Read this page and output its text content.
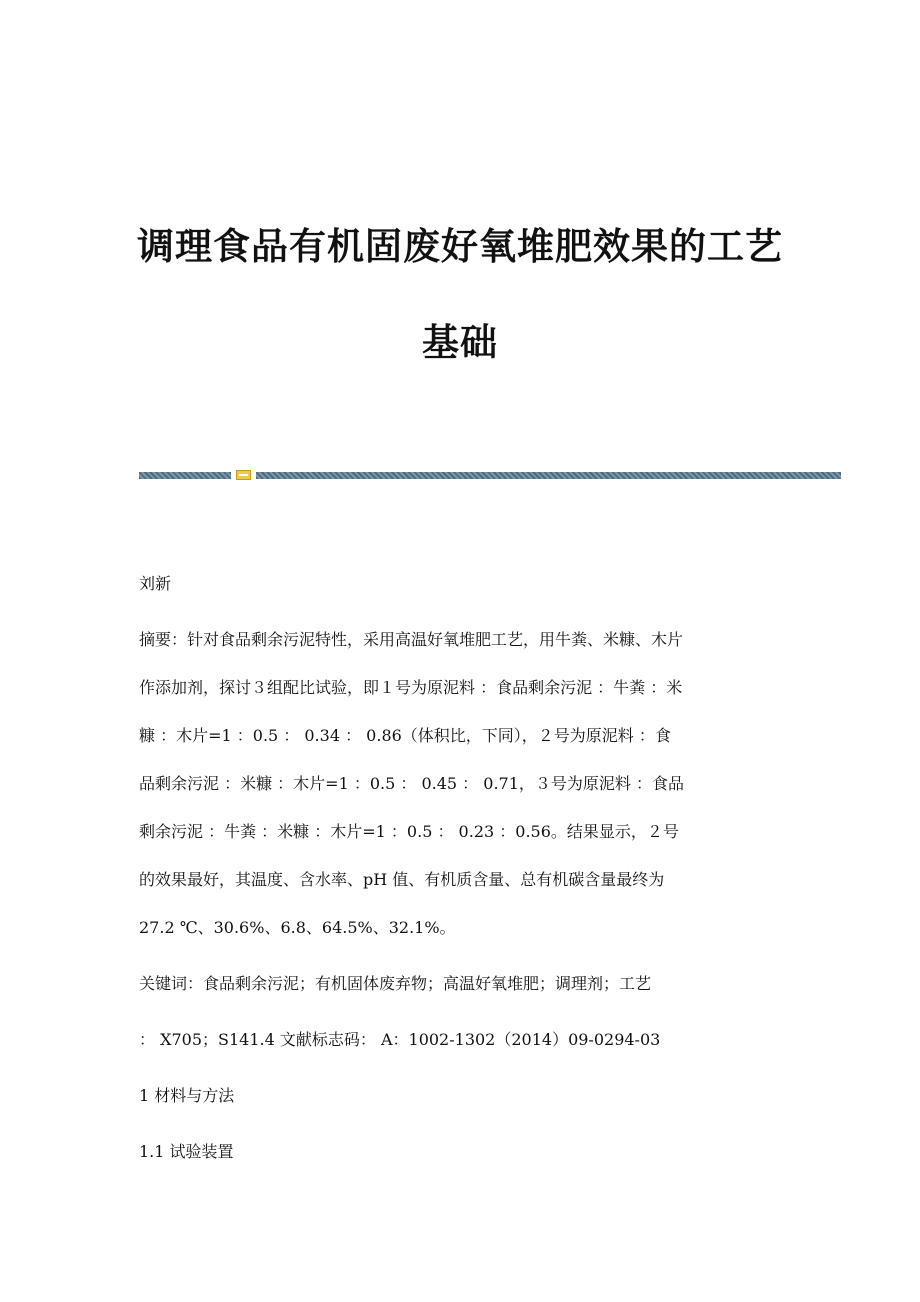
调理食品有机固废好氧堆肥效果的工艺
基础

刘新

摘要：针对食品剩余污泥特性，采用高温好氧堆肥工艺，用牛粪、米糠、木片

作添加剂，探讨３组配比试验，即１号为原泥料 ：食品剩余污泥 ：牛粪 ：米

糠 ：木片=1 ：0.5 ： 0.34 ： 0.86（体积比，下同），２号为原泥料 ：食

品剩余污泥 ：米糠 ：木片=1 ：0.5 ： 0.45 ： 0.71，３号为原泥料 ：食品

剩余污泥 ：牛粪 ：米糠 ：木片=1 ：0.5 ： 0.23 ：0.56。结果显示，２号

的效果最好，其温度、含水率、pH 值、有机质含量、总有机碳含量最终为

27.2 ℃、30.6%、6.8、64.5%、32.1%。

关键词：食品剩余污泥；有机固体废弃物；高温好氧堆肥；调理剂；工艺

： X705；S141.4 文献标志码： A：1002-1302（2014）09-0294-03

1 材料与方法

1.1 试验装置
